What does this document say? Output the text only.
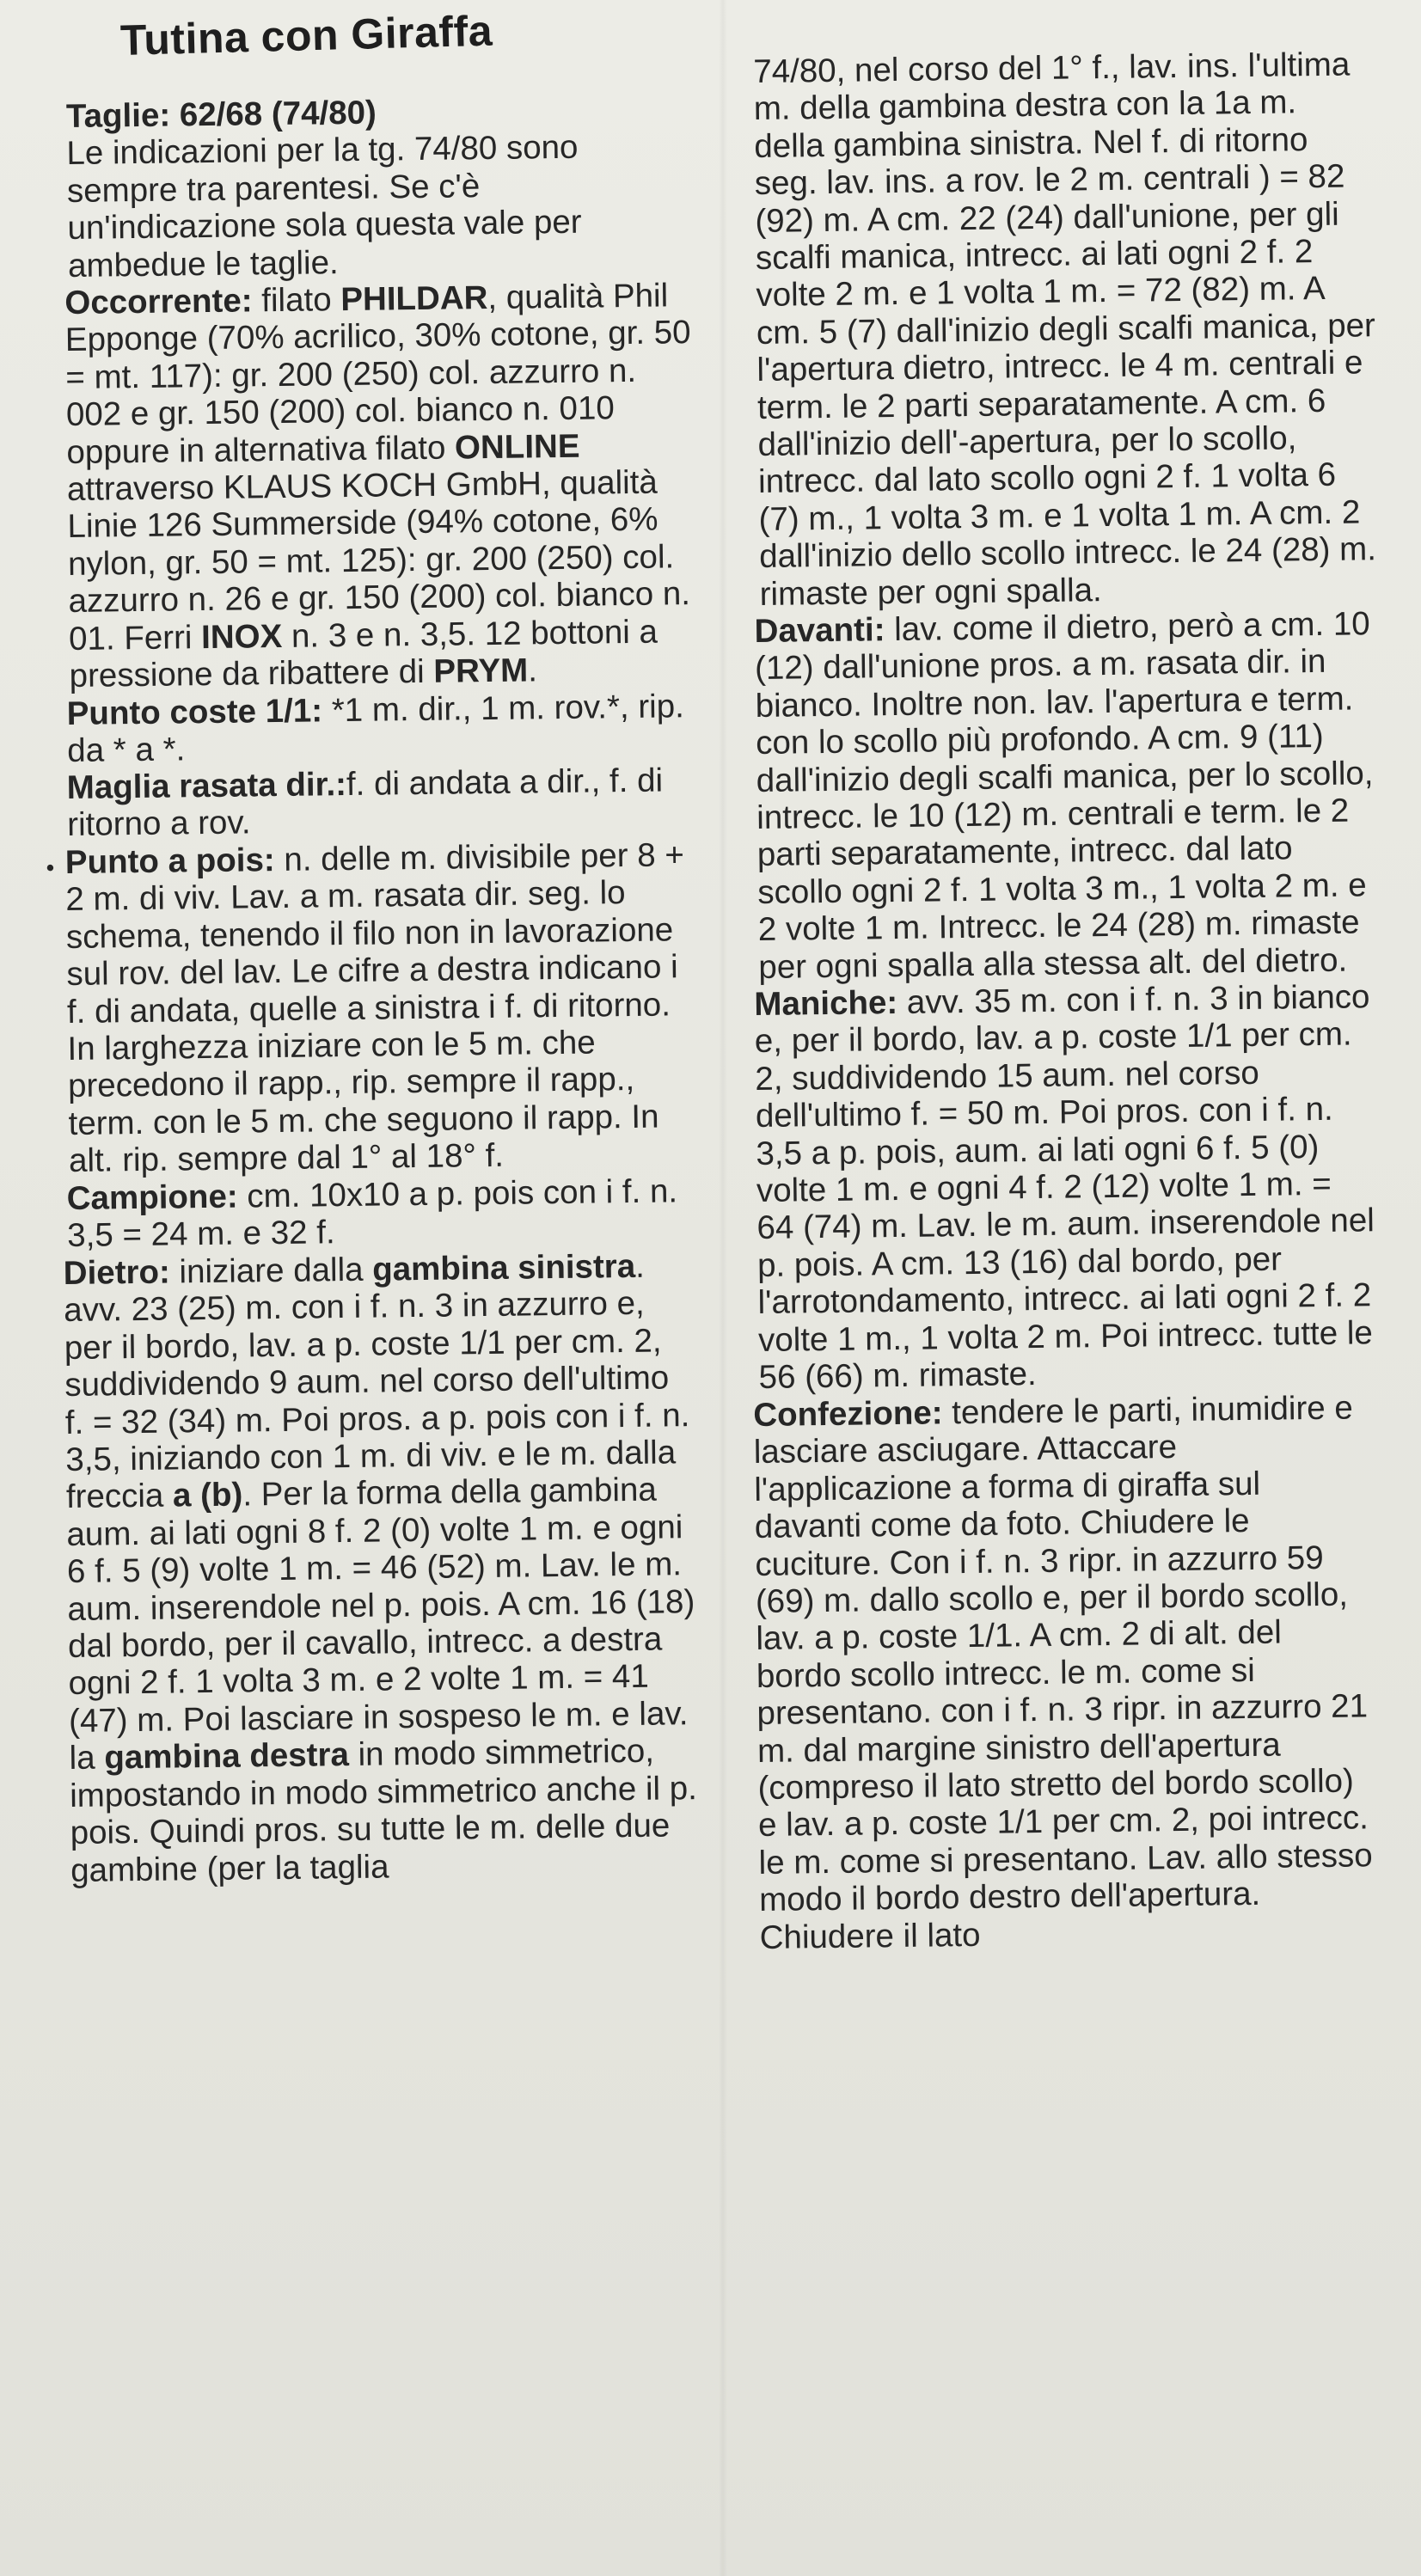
Tutina con Giraffa

Taglie: 62/68 (74/80)
Le indicazioni per la tg. 74/80 sono sempre tra parentesi. Se c'è un'indicazione sola questa vale per ambedue le taglie.

Occorrente: filato PHILDAR, qualità Phil Epponge (70% acrilico, 30% cotone, gr. 50 = mt. 117): gr. 200 (250) col. azzurro n. 002 e gr. 150 (200) col. bianco n. 010 oppure in alternativa filato ONLINE attraverso KLAUS KOCH GmbH, qualità Linie 126 Summerside (94% cotone, 6% nylon, gr. 50 = mt. 125): gr. 200 (250) col. azzurro n. 26 e gr. 150 (200) col. bianco n. 01. Ferri INOX n. 3 e n. 3,5. 12 bottoni a pressione da ribattere di PRYM.

Punto coste 1/1: *1 m. dir., 1 m. rov.*, rip. da * a *.

Maglia rasata dir.:f. di andata a dir., f. di ritorno a rov.

• Punto a pois: n. delle m. divisibile per 8 + 2 m. di viv. Lav. a m. rasata dir. seg. lo schema, tenendo il filo non in lavorazione sul rov. del lav. Le cifre a destra indicano i f. di andata, quelle a sinistra i f. di ritorno. In larghezza iniziare con le 5 m. che precedono il rapp., rip. sempre il rapp., term. con le 5 m. che seguono il rapp. In alt. rip. sempre dal 1° al 18° f.

Campione: cm. 10x10 a p. pois con i f. n. 3,5 = 24 m. e 32 f.

Dietro: iniziare dalla gambina sinistra. avv. 23 (25) m. con i f. n. 3 in azzurro e, per il bordo, lav. a p. coste 1/1 per cm. 2, suddividendo 9 aum. nel corso dell'ultimo f. = 32 (34) m. Poi pros. a p. pois con i f. n. 3,5, iniziando con 1 m. di viv. e le m. dalla freccia a (b). Per la forma della gambina aum. ai lati ogni 8 f. 2 (0) volte 1 m. e ogni 6 f. 5 (9) volte 1 m. = 46 (52) m. Lav. le m. aum. inserendole nel p. pois. A cm. 16 (18) dal bordo, per il cavallo, intrecc. a destra ogni 2 f. 1 volta 3 m. e 2 volte 1 m. = 41 (47) m. Poi lasciare in sospeso le m. e lav. la gambina destra in modo simmetrico, impostando in modo simmetrico anche il p. pois. Quindi pros. su tutte le m. delle due gambine (per la taglia

74/80, nel corso del 1° f., lav. ins. l'ultima m. della gambina destra con la 1a m. della gambina sinistra. Nel f. di ritorno seg. lav. ins. a rov. le 2 m. centrali ) = 82 (92) m. A cm. 22 (24) dall'unione, per gli scalfi manica, intrecc. ai lati ogni 2 f. 2 volte 2 m. e 1 volta 1 m. = 72 (82) m. A cm. 5 (7) dall'inizio degli scalfi manica, per l'apertura dietro, intrecc. le 4 m. centrali e term. le 2 parti separatamente. A cm. 6 dall'inizio dell'-apertura, per lo scollo, intrecc. dal lato scollo ogni 2 f. 1 volta 6 (7) m., 1 volta 3 m. e 1 volta 1 m. A cm. 2 dall'inizio dello scollo intrecc. le 24 (28) m. rimaste per ogni spalla.

Davanti: lav. come il dietro, però a cm. 10 (12) dall'unione pros. a m. rasata dir. in bianco. Inoltre non. lav. l'apertura e term. con lo scollo più profondo. A cm. 9 (11) dall'inizio degli scalfi manica, per lo scollo, intrecc. le 10 (12) m. centrali e term. le 2 parti separatamente, intrecc. dal lato scollo ogni 2 f. 1 volta 3 m., 1 volta 2 m. e 2 volte 1 m. Intrecc. le 24 (28) m. rimaste per ogni spalla alla stessa alt. del dietro.

Maniche: avv. 35 m. con i f. n. 3 in bianco e, per il bordo, lav. a p. coste 1/1 per cm. 2, suddividendo 15 aum. nel corso dell'ultimo f. = 50 m. Poi pros. con i f. n. 3,5 a p. pois, aum. ai lati ogni 6 f. 5 (0) volte 1 m. e ogni 4 f. 2 (12) volte 1 m. = 64 (74) m. Lav. le m. aum. inserendole nel p. pois. A cm. 13 (16) dal bordo, per l'arrotondamento, intrecc. ai lati ogni 2 f. 2 volte 1 m., 1 volta 2 m. Poi intrecc. tutte le 56 (66) m. rimaste.

Confezione: tendere le parti, inumidire e lasciare asciugare. Attaccare l'applicazione a forma di giraffa sul davanti come da foto. Chiudere le cuciture. Con i f. n. 3 ripr. in azzurro 59 (69) m. dallo scollo e, per il bordo scollo, lav. a p. coste 1/1. A cm. 2 di alt. del bordo scollo intrecc. le m. come si presentano. con i f. n. 3 ripr. in azzurro 21 m. dal margine sinistro dell'apertura (compreso il lato stretto del bordo scollo) e lav. a p. coste 1/1 per cm. 2, poi intrecc. le m. come si presentano. Lav. allo stesso modo il bordo destro dell'apertura. Chiudere il lato
